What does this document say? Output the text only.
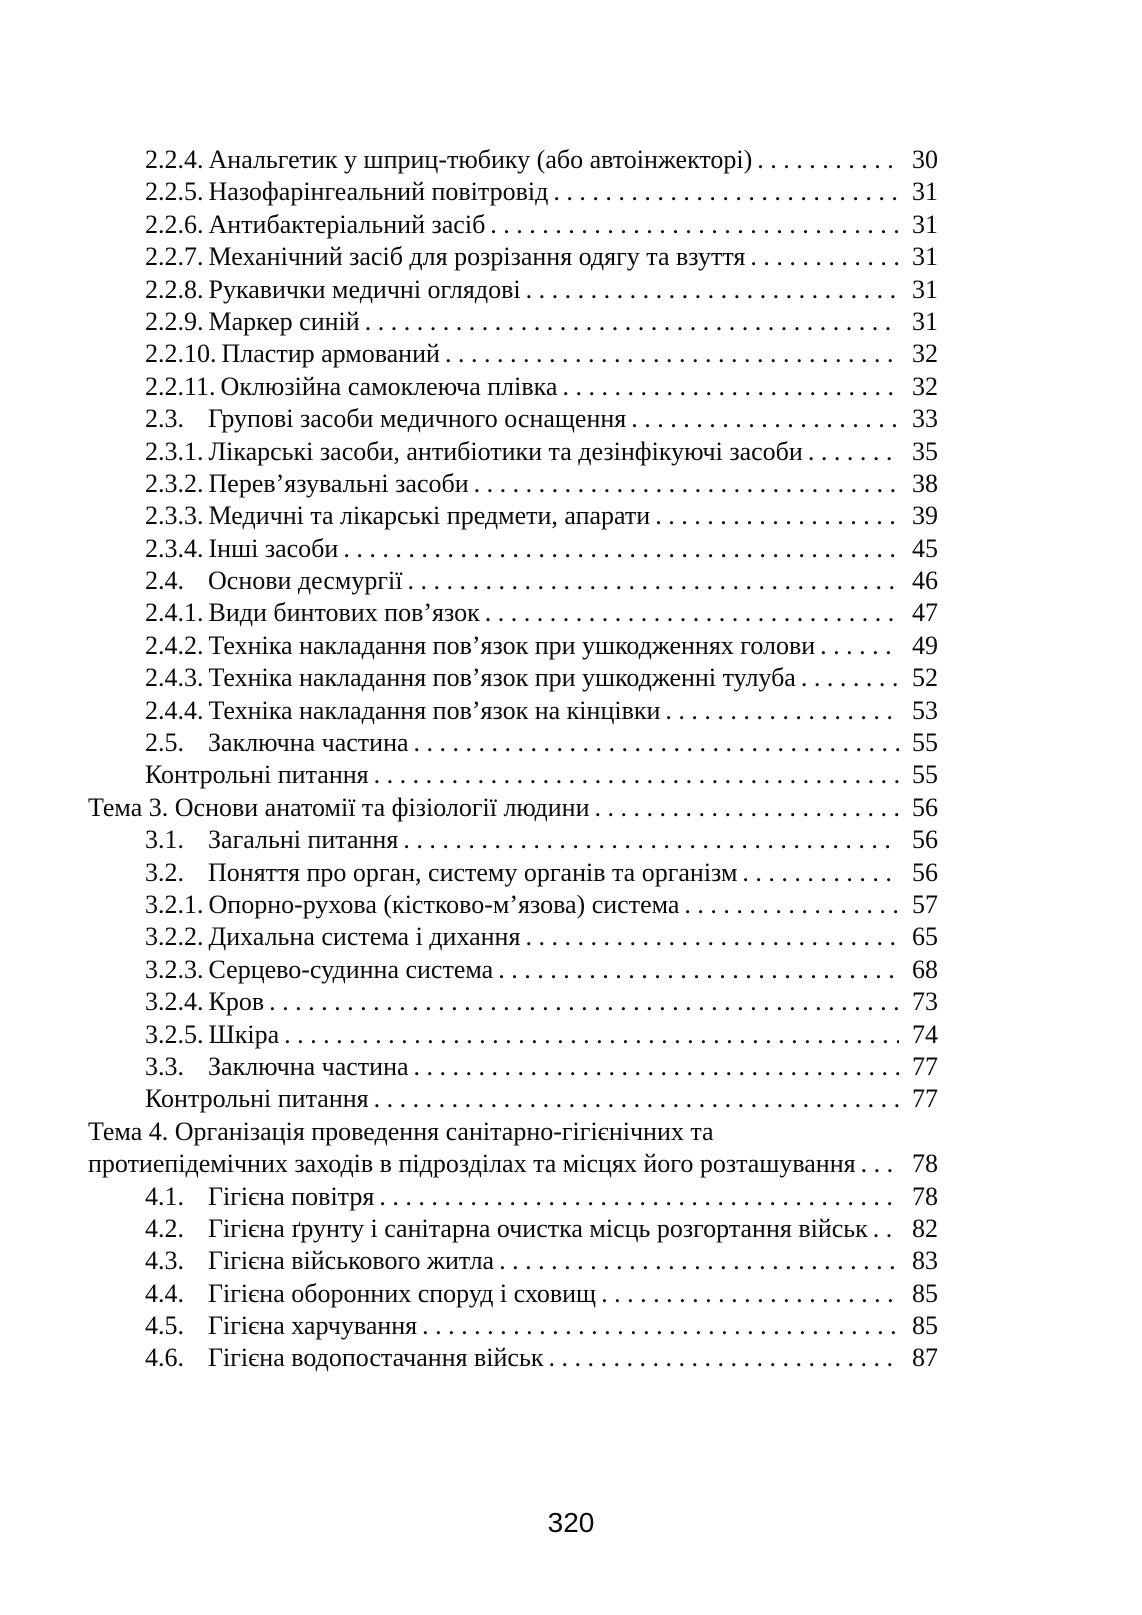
2.2.4. Анальгетик у шприц-тюбику (або автоінжекторі) . . .	30
2.2.5. Назофарінгеальний повітровід . . .	31
2.2.6. Антибактеріальний засіб . . .	31
2.2.7. Механічний засіб для розрізання одягу та взуття . . .	31
2.2.8. Рукавички медичні оглядові . . .	31
2.2.9. Маркер синій . . .	31
2.2.10. Пластир армований . . .	32
2.2.11. Оклюзійна самоклеюча плівка . . .	32
2.3. Групові засоби медичного оснащення . . .	33
2.3.1. Лікарські засоби, антибіотики та дезінфікуючі засоби . . .	35
2.3.2. Перев’язувальні засоби . . .	38
2.3.3. Медичні та лікарські предмети, апарати . . .	39
2.3.4. Інші засоби . . .	45
2.4. Основи десмургії . . .	46
2.4.1. Види бинтових пов’язок . . .	47
2.4.2. Техніка накладання пов’язок при ушкодженнях голови . . .	49
2.4.3. Техніка накладання пов’язок при ушкодженні тулуба . . .	52
2.4.4. Техніка накладання пов’язок на кінцівки . . .	53
2.5. Заключна частина . . .	55
Контрольні питання . . .	55
Тема 3. Основи анатомії та фізіології людини . . .	56
3.1. Загальні питання . . .	56
3.2. Поняття про орган, систему органів та організм . . .	56
3.2.1. Опорно-рухова (кістково-м’язова) система . . .	57
3.2.2. Дихальна система і дихання . . .	65
3.2.3. Серцево-судинна система . . .	68
3.2.4. Кров . . .	73
3.2.5. Шкіра . . .	74
3.3. Заключна частина . . .	77
Контрольні питання . . .	77
Тема 4. Організація проведення санітарно-гігієнічних та
протиепідемічних заходів в підрозділах та місцях його розташування . . .	78
4.1. Гігієна повітря . . .	78
4.2. Гігієна ґрунту і санітарна очистка місць розгортання військ . . .	82
4.3. Гігієна військового житла . . .	83
4.4. Гігієна оборонних споруд і сховищ . . .	85
4.5. Гігієна харчування . . .	85
4.6. Гігієна водопостачання військ . . .	87
320
